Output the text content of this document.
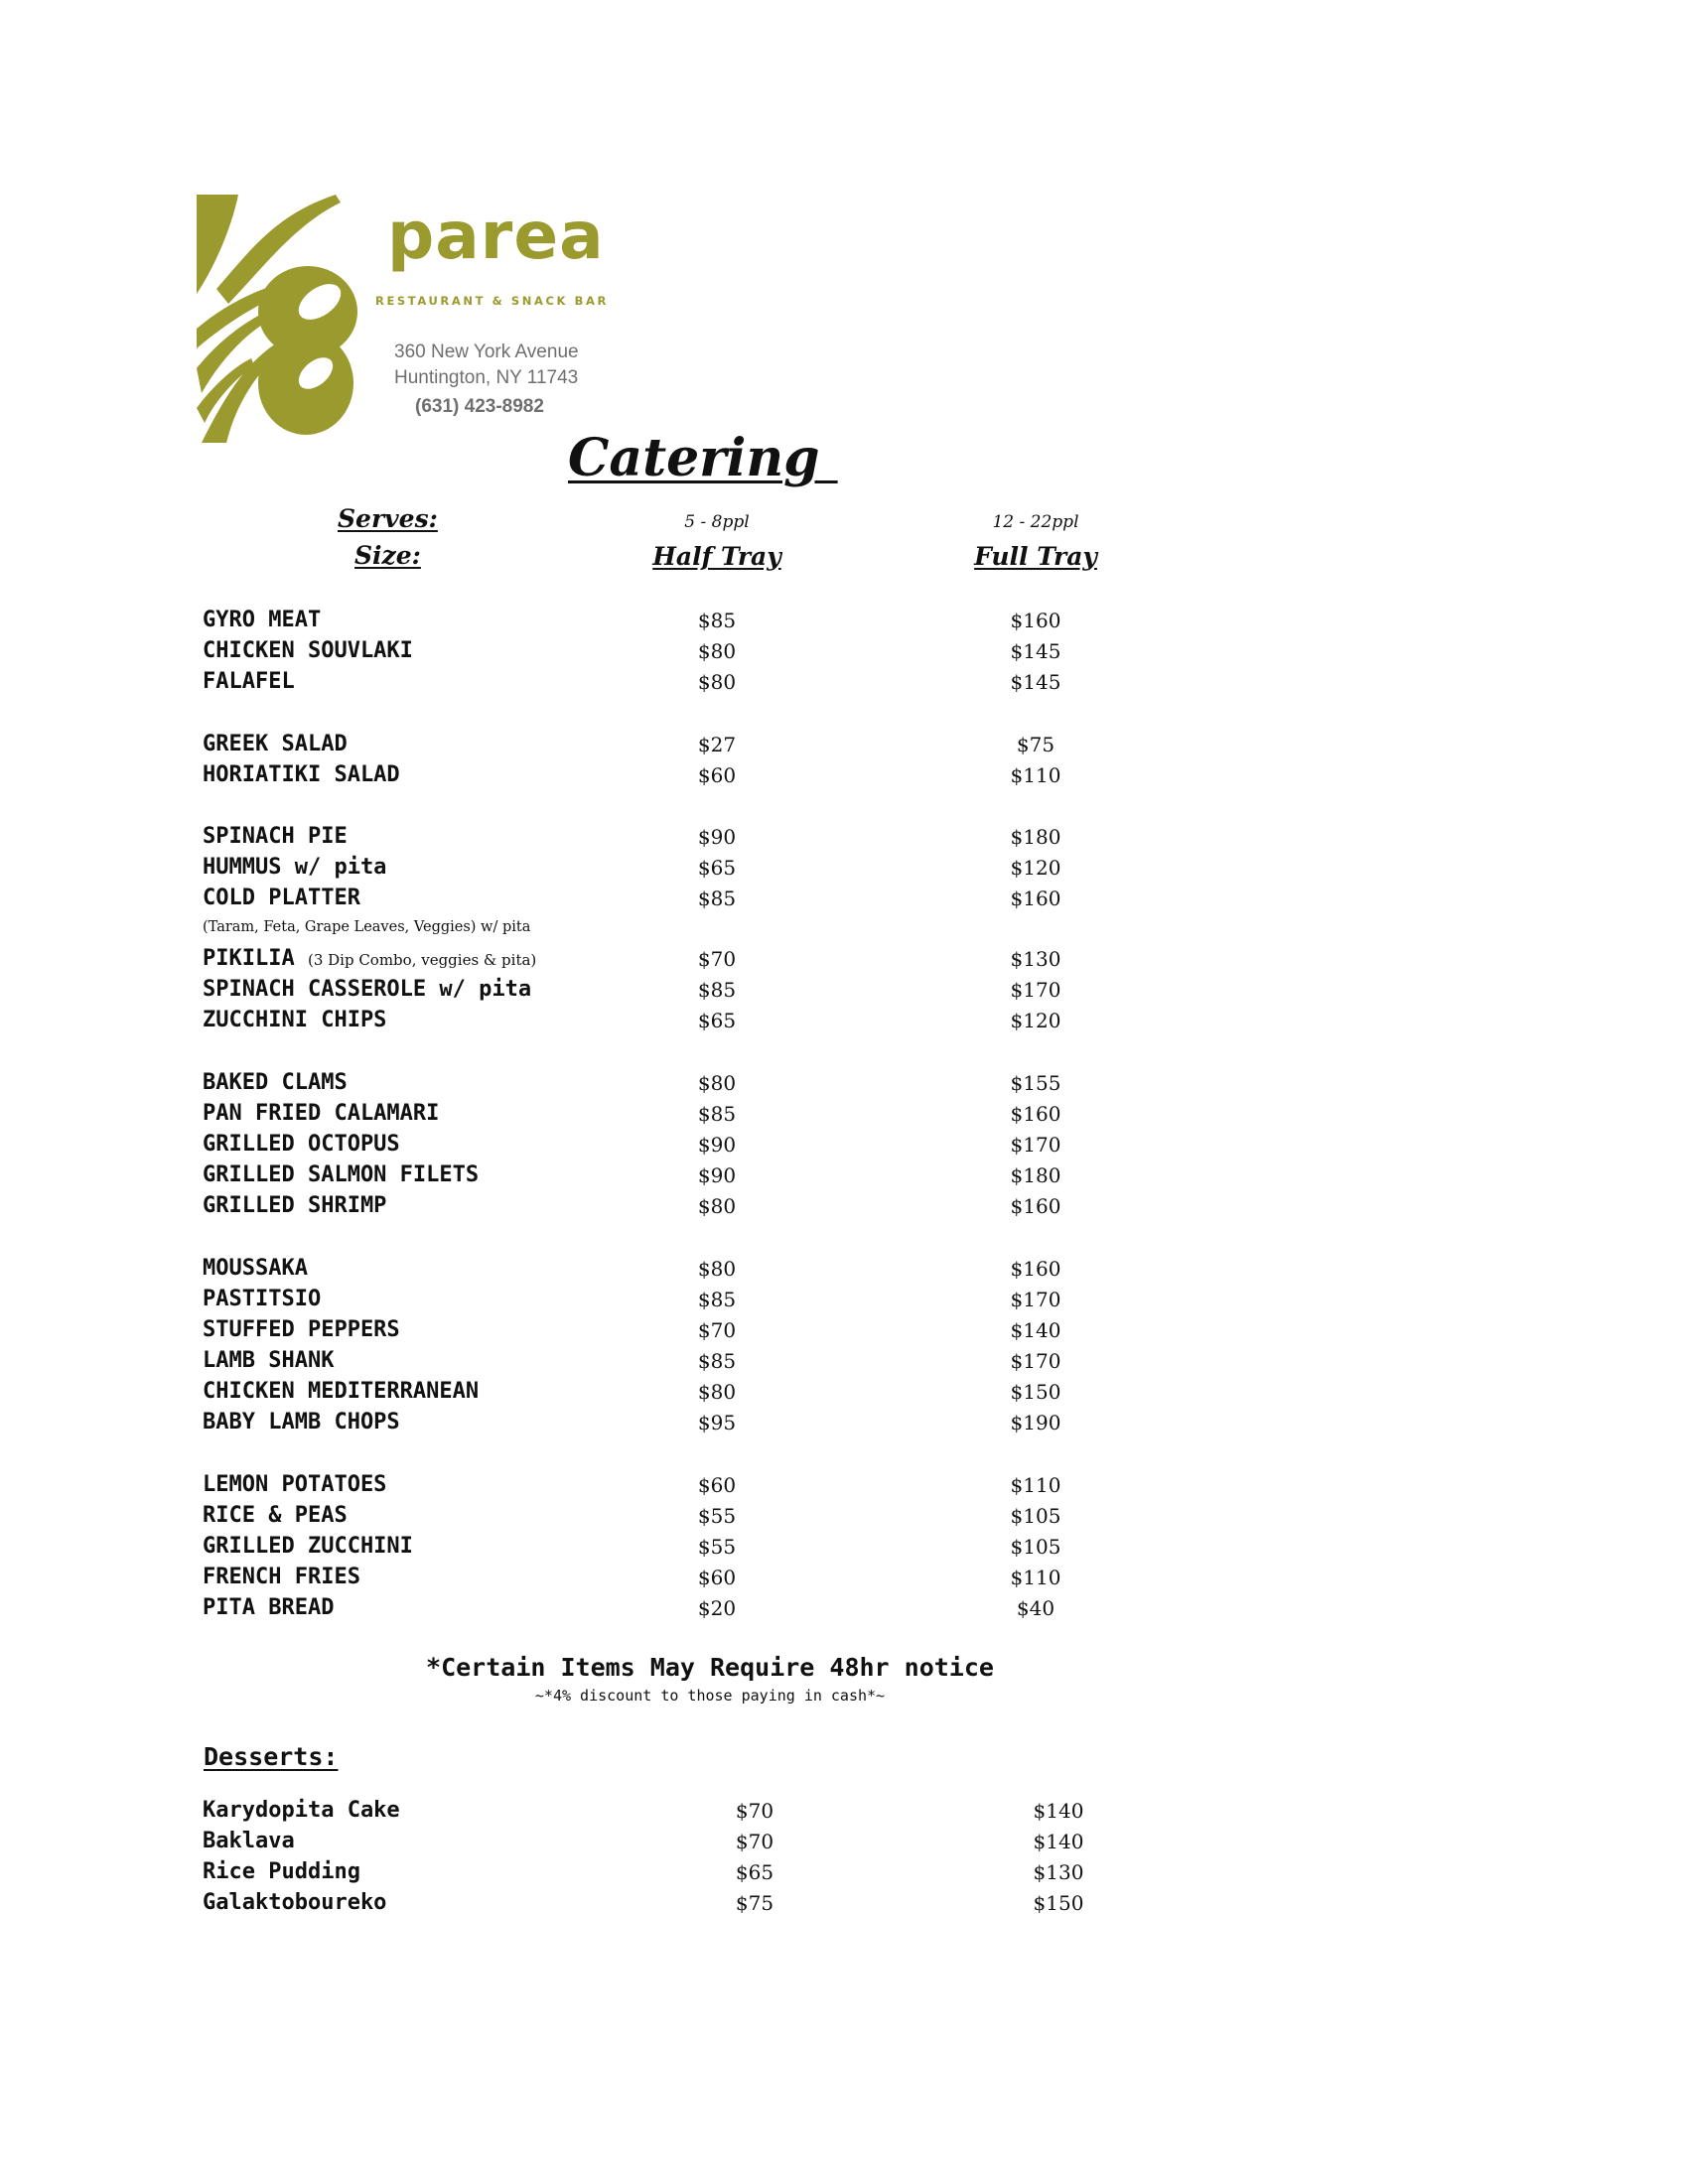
parea
RESTAURANT & SNACK BAR
360 New York Avenue
Huntington, NY 11743
(631) 423-8982
Catering
Serves:
Size:
5 - 8ppl	12 - 22ppl
Half Tray	Full Tray
GYRO MEAT	$85	$160
CHICKEN SOUVLAKI	$80	$145
FALAFEL	$80	$145
GREEK SALAD	$27	$75
HORIATIKI SALAD	$60	$110
SPINACH PIE	$90	$180
HUMMUS w/ pita	$65	$120
COLD PLATTER	$85	$160
(Taram, Feta, Grape Leaves, Veggies) w/ pita
PIKILIA (3 Dip Combo, veggies & pita)	$70	$130
SPINACH CASSEROLE w/ pita	$85	$170
ZUCCHINI CHIPS	$65	$120
BAKED CLAMS	$80	$155
PAN FRIED CALAMARI	$85	$160
GRILLED OCTOPUS	$90	$170
GRILLED SALMON FILETS	$90	$180
GRILLED SHRIMP	$80	$160
MOUSSAKA	$80	$160
PASTITSIO	$85	$170
STUFFED PEPPERS	$70	$140
LAMB SHANK	$85	$170
CHICKEN MEDITERRANEAN	$80	$150
BABY LAMB CHOPS	$95	$190
LEMON POTATOES	$60	$110
RICE & PEAS	$55	$105
GRILLED ZUCCHINI	$55	$105
FRENCH FRIES	$60	$110
PITA BREAD	$20	$40
*Certain Items May Require 48hr notice
~*4% discount to those paying in cash*~
Desserts:
Karydopita Cake	$70	$140
Baklava	$70	$140
Rice Pudding	$65	$130
Galaktoboureko	$75	$150
